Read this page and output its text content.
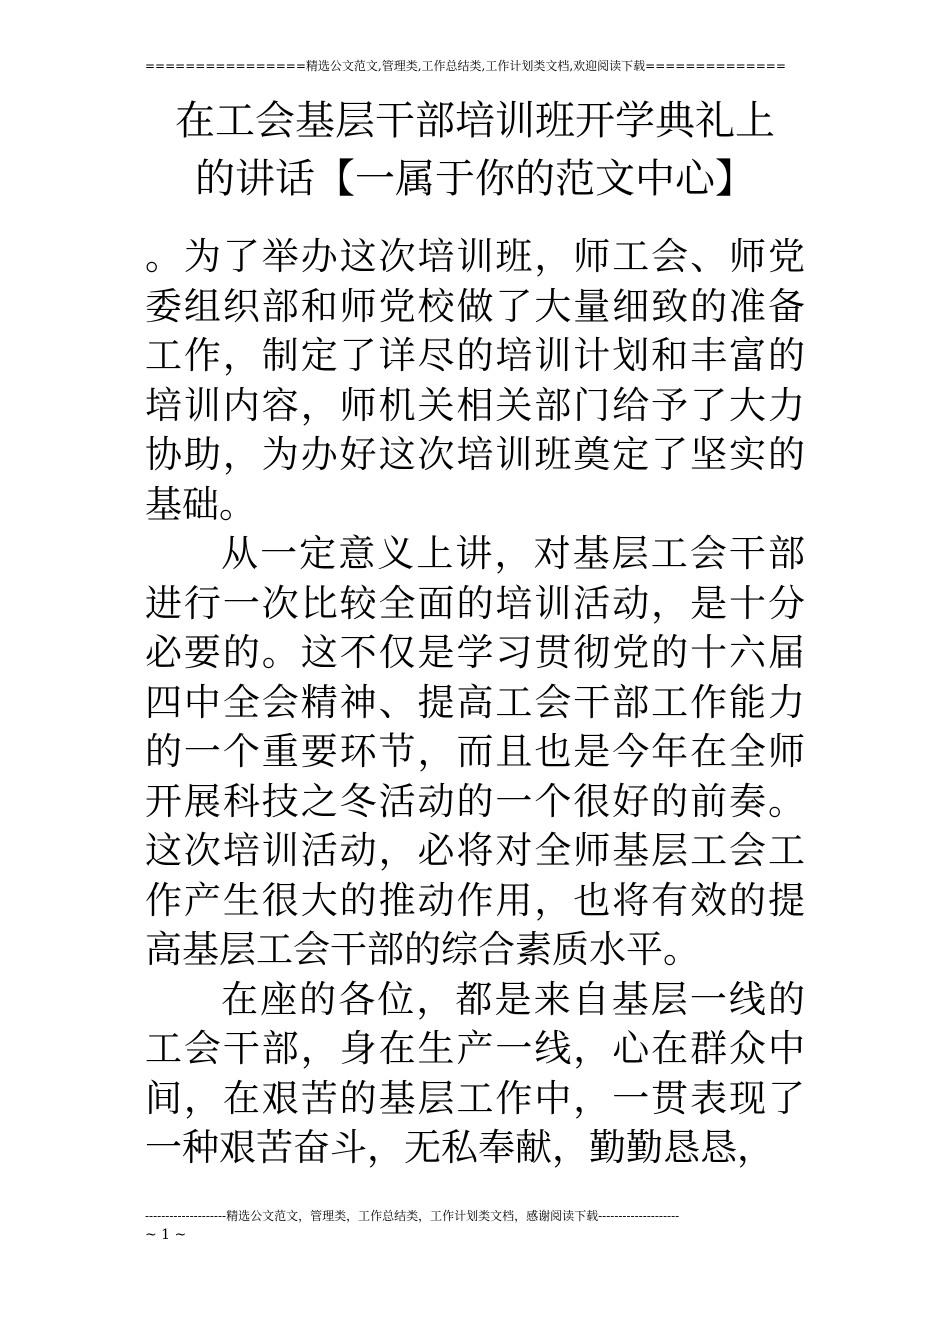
================精选公文范文,管理类,工作总结类,工作计划类文档,欢迎阅读下载==============
在工会基层干部培训班开学典礼上
的讲话【一属于你的范文中心】

。为了举办这次培训班，师工会、师党委组织部和师党校做了大量细致的准备工作，制定了详尽的培训计划和丰富的培训内容，师机关相关部门给予了大力协助，为办好这次培训班奠定了坚实的基础。

从一定意义上讲，对基层工会干部进行一次比较全面的培训活动，是十分必要的。这不仅是学习贯彻党的十六届四中全会精神、提高工会干部工作能力的一个重要环节，而且也是今年在全师开展科技之冬活动的一个很好的前奏。这次培训活动，必将对全师基层工会工作产生很大的推动作用，也将有效的提高基层工会干部的综合素质水平。

在座的各位，都是来自基层一线的工会干部，身在生产一线，心在群众中间，在艰苦的基层工作中，一贯表现了一种艰苦奋斗，无私奉献，勤勤恳恳，

--------------------精选公文范文，管理类，工作总结类，工作计划类文档，感谢阅读下载--------------------
~ 1 ~
